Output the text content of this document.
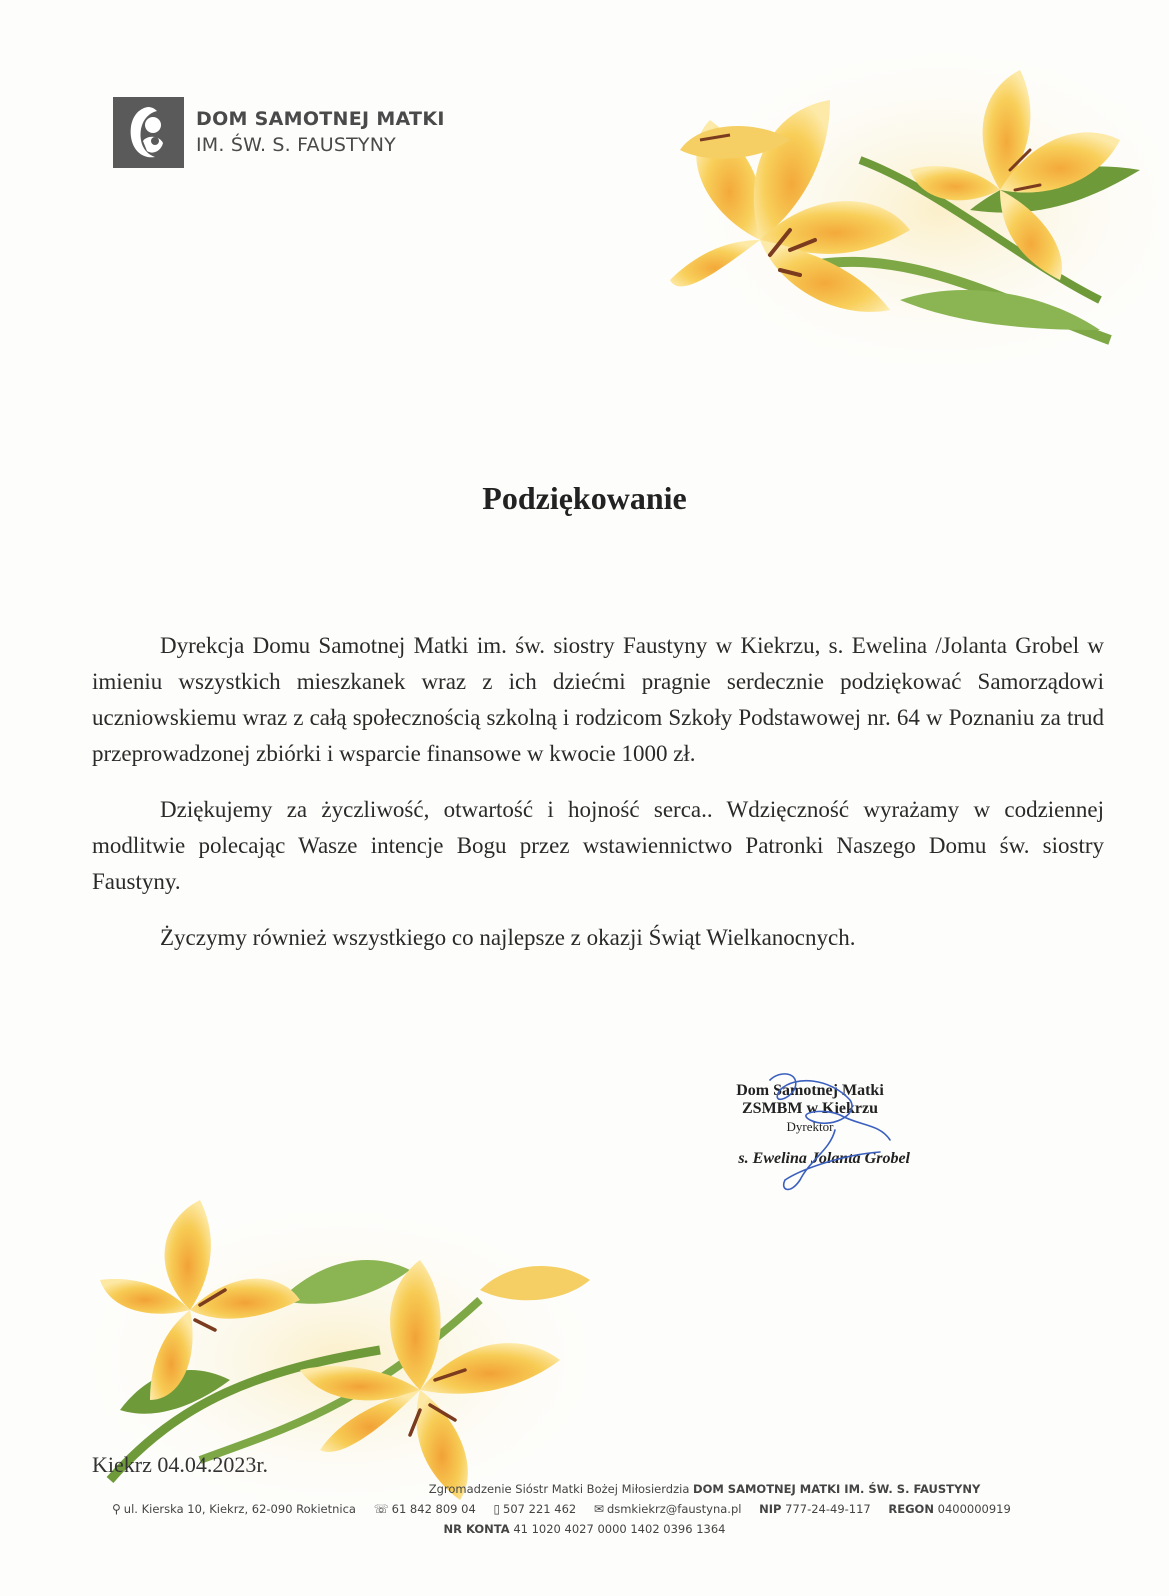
DOM SAMOTNEJ MATKI
IM. ŚW. S. FAUSTYNY
Podziękowanie

Dyrekcja Domu Samotnej Matki im. św. siostry Faustyny w Kiekrzu, s. Ewelina /Jolanta Grobel w imieniu wszystkich mieszkanek wraz z ich dziećmi pragnie serdecznie podziękować Samorządowi uczniowskiemu wraz z całą społecznością szkolną i rodzicom Szkoły Podstawowej nr. 64 w Poznaniu za trud przeprowadzonej zbiórki i wsparcie finansowe w kwocie 1000 zł.

Dziękujemy za życzliwość, otwartość i hojność serca.. Wdzięczność wyrażamy w codziennej modlitwie polecając Wasze intencje Bogu przez wstawiennictwo Patronki Naszego Domu św. siostry Faustyny.

Życzymy również wszystkiego co najlepsze z okazji Świąt Wielkanocnych.

Dom Samotnej Matki
ZSMBM w Kiekrzu
Dyrektor
s. Ewelina Jolanta Grobel
Kiekrz 04.04.2023r.
Zgromadzenie Sióstr Matki Bożej Miłosierdzia DOM SAMOTNEJ MATKI IM. ŚW. S. FAUSTYNY
⚲ ul. Kierska 10, Kiekrz, 62-090 Rokietnica ☏ 61 842 809 04 ▯ 507 221 462 ✉ dsmkiekrz@faustyna.pl NIP 777-24-49-117 REGON 0400000919
NR KONTA 41 1020 4027 0000 1402 0396 1364
